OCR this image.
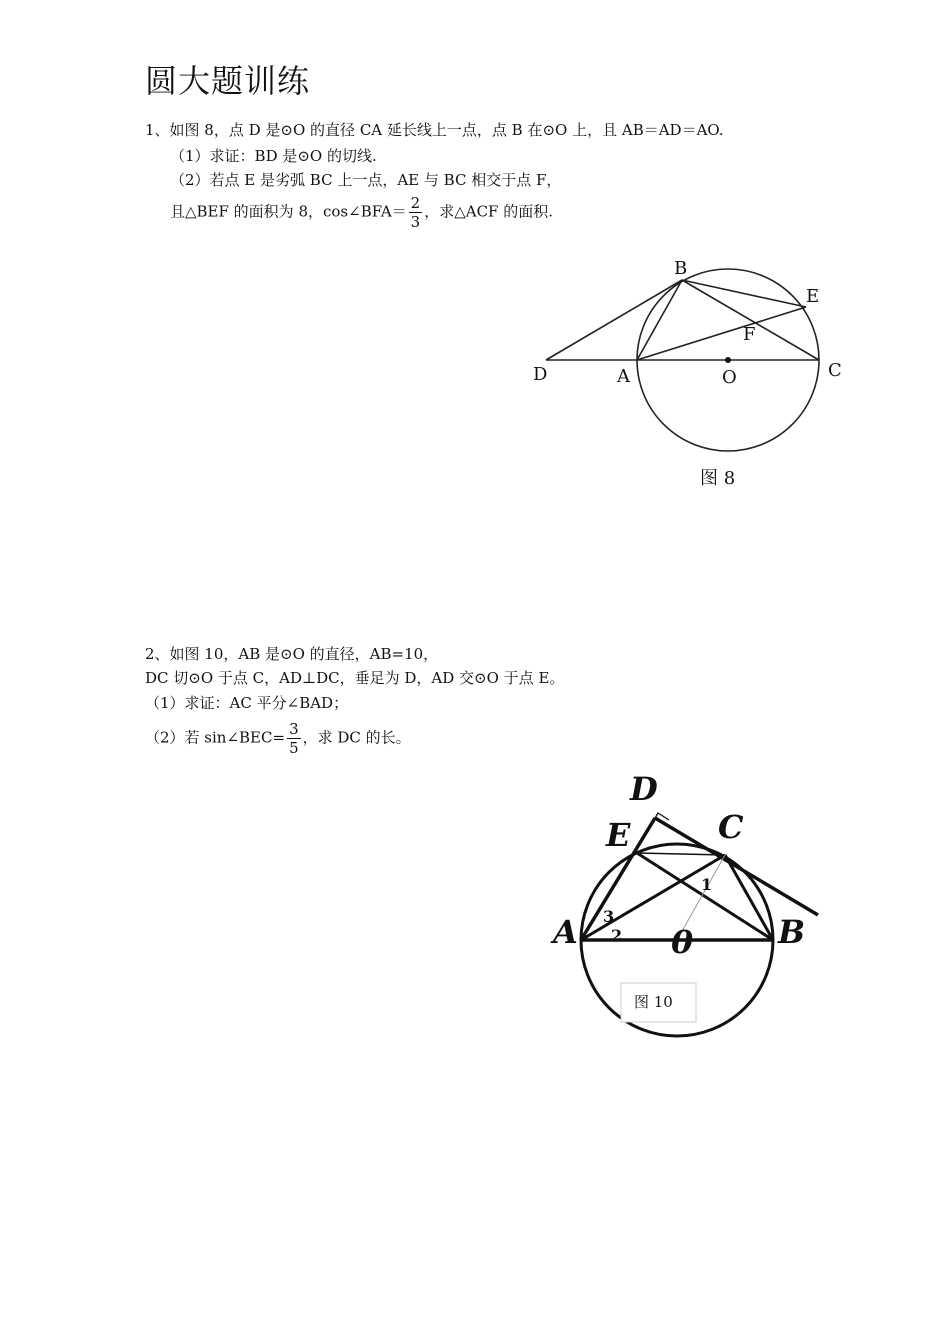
圆大题训练
1、如图 8，点 D 是⊙O 的直径 CA 延长线上一点，点 B 在⊙O 上，且 AB＝AD＝AO.
（1）求证：BD 是⊙O 的切线.
（2）若点 E 是劣弧 BC 上一点，AE 与 BC 相交于点 F，
且△BEF 的面积为 8，cos∠BFA＝ $\frac{2}{3}$ ，求△ACF 的面积.
B
E
F
D	A	O	C
图 8
2、如图 10，AB 是⊙O 的直径，AB=10，
DC 切⊙O 于点 C，AD⊥DC，垂足为 D，AD 交⊙O 于点 E。
（1）求证：AC 平分∠BAD；
（2）若 sin∠BEC= $\frac{3}{5}$ ，求 DC 的长。
D
E	C
A	0	B
1
2
3
图 10
